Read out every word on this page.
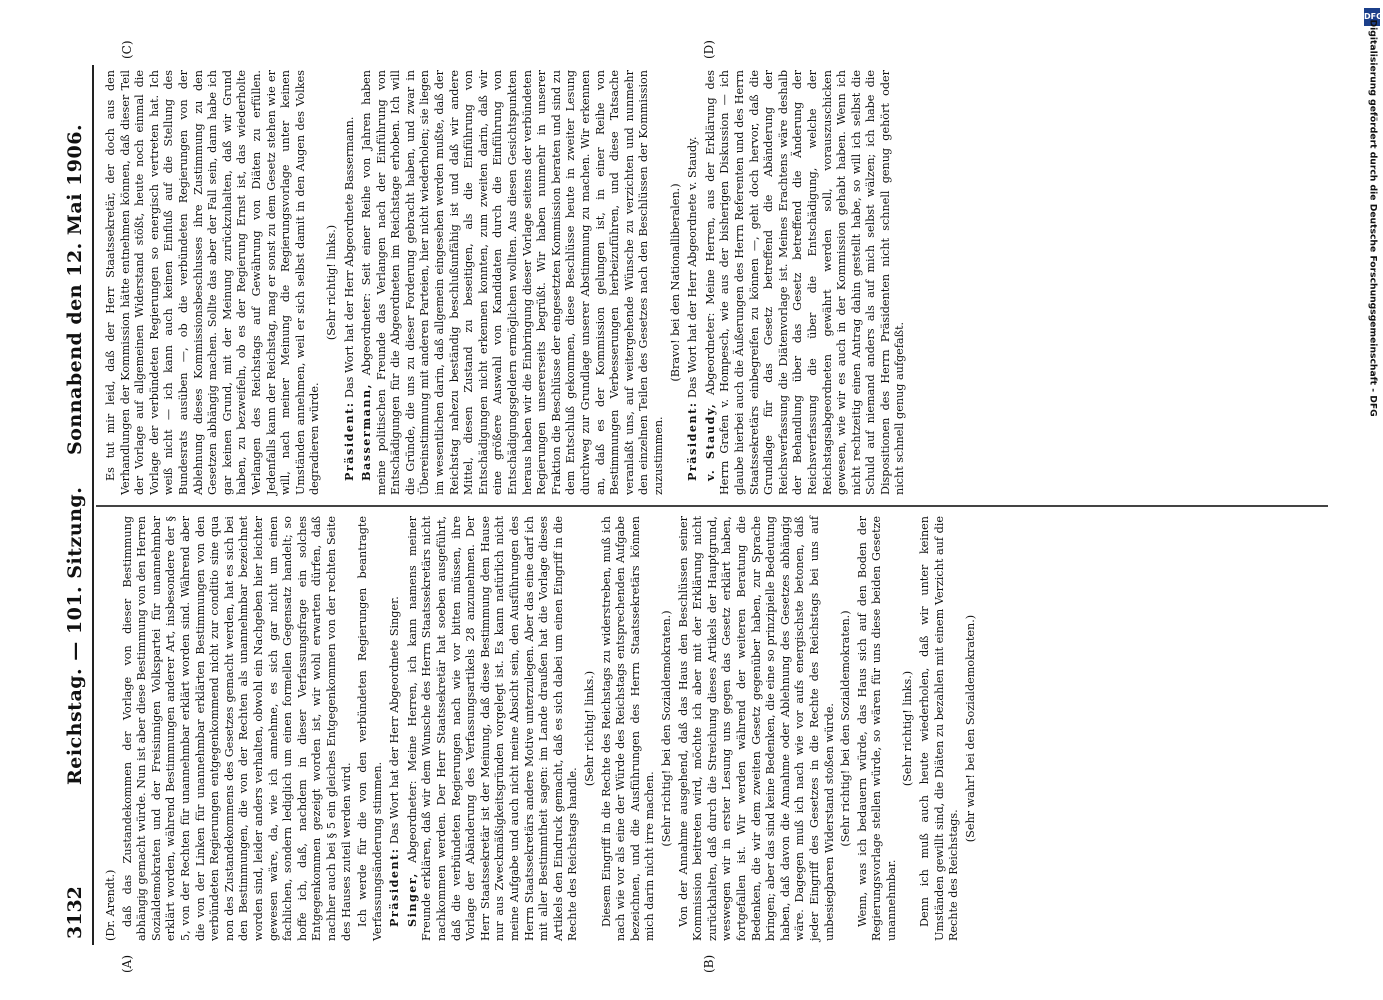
3132
Reichstag. — 101. Sitzung.
Sonnabend den 12. Mai 1906.
(A)	(B)
(C)	(D)

(Dr. Arendt.) daß das Zustandekommen der Vorlage von dieser Bestimmung abhängig gemacht würde. Nun ist aber diese Bestimmung von den Herren Sozialdemokraten und der Freisinnigen Volkspartei für unannehmbar erklärt worden, während Bestimmungen anderer Art, insbesondere der § 5, von der Rechten für unannehmbar erklärt worden sind. Während aber die von der Linken für unannehmbar erklärten Bestimmungen von den verbündeten Regierungen entgegenkommend nicht zur conditio sine qua non des Zustandekommens des Gesetzes gemacht werden, hat es sich bei den Bestimmungen, die von der Rechten als unannehmbar bezeichnet worden sind, leider anders verhalten, obwohl ein Nachgeben hier leichter gewesen wäre, da, wie ich annehme, es sich gar nicht um einen fachlichen, sondern lediglich um einen formellen Gegensatz handelt; so hoffe ich, daß, nachdem in dieser Verfassungsfrage ein solches Entgegenkommen gezeigt worden ist, wir wohl erwarten dürfen, daß nachher auch bei § 5 ein gleiches Entgegenkommen von der rechten Seite des Hauses zuteil werden wird. Ich werde für die von den verbündeten Regierungen beantragte Verfassungsänderung stimmen. Präsident: Das Wort hat der Herr Abgeordnete Singer.

Singer, Abgeordneter: Meine Herren, ich kann namens meiner Freunde erklären, daß wir dem Wunsche des Herrn Staatssekretärs nicht nachkommen werden. Der Herr Staatssekretär hat soeben ausgeführt, daß die verbündeten Regierungen nach wie vor bitten müssen, ihre Vorlage der Abänderung des Verfassungsartikels 28 anzunehmen. Der Herr Staatssekretär ist der Meinung, daß diese Bestimmung dem Hause nur aus Zweckmäßigkeitsgründen vorgelegt ist. Es kann natürlich nicht meine Aufgabe und auch nicht meine Absicht sein, den Ausführungen des Herrn Staatssekretärs andere Motive unterzulegen. Aber das eine darf ich mit aller Bestimmtheit sagen: im Lande draußen hat die Vorlage dieses Artikels den Eindruck gemacht, daß es sich dabei um einen Eingriff in die Rechte des Reichstags handle.

(Sehr richtig! links.) Diesem Eingriff in die Rechte des Reichstags zu widerstreben, muß ich nach wie vor als eine der Würde des Reichstags entsprechenden Aufgabe bezeichnen, und die Ausführungen des Herrn Staatssekretärs können mich darin nicht irre machen.

(Sehr richtig! bei den Sozialdemokraten.) Von der Annahme ausgehend, daß das Haus den Beschlüssen seiner Kommission beitreten wird, möchte ich aber mit der Erklärung nicht zurückhalten, daß durch die Streichung dieses Artikels der Hauptgrund, weswegen wir in erster Lesung uns gegen das Gesetz erklärt haben, fortgefallen ist. Wir werden während der weiteren Beratung die Bedenken, die wir dem zweiten Gesetz gegenüber haben, zur Sprache bringen; aber das sind keine Bedenken, die eine so prinzipielle Bedeutung haben, daß davon die Annahme oder Ablehnung des Gesetzes abhängig wäre. Dagegen muß ich nach wie vor aufs energischste betonen, daß jeder Eingriff des Gesetzes in die Rechte des Reichstags bei uns auf unbesiegbaren Widerstand stoßen würde. (Sehr richtig! bei den Sozialdemokraten.) Wenn, was ich bedauern würde, das Haus sich auf den Boden der Regierungsvorlage stellen würde, so wären für uns diese beiden Gesetze unannehmbar.

(Sehr richtig! links.) Denn ich muß auch heute wiederholen, daß wir unter keinen Umständen gewillt sind, die Diäten zu bezahlen mit einem Verzicht auf die Rechte des Reichstags.

(Sehr wahr! bei den Sozialdemokraten.)

Es tut mir leid, daß der Herr Staatssekretär, der doch aus den Verhandlungen der Kommission hätte entnehmen können, daß dieser Teil der Vorlage auf allgemeinen Widerstand stößt, heute noch einmal die Vorlage der verbündeten Regierungen so energisch vertreten hat. Ich weiß nicht — ich kann auch keinen Einfluß auf die Stellung des Bundesrats ausüben —, ob die verbündeten Regierungen von der Ablehnung dieses Kommissionsbeschlusses ihre Zustimmung zu den Gesetzen abhängig machen. Sollte das aber der Fall sein, dann habe ich gar keinen Grund, mit der Meinung zurückzuhalten, daß wir Grund haben, zu bezweifeln, ob es der Regierung Ernst ist, das wiederholte Verlangen des Reichstags auf Gewährung von Diäten zu erfüllen. Jedenfalls kann der Reichstag, mag er sonst zu dem Gesetz stehen wie er will, nach meiner Meinung die Regierungsvorlage unter keinen Umständen annehmen, weil er sich selbst damit in den Augen des Volkes degradieren würde.

(Sehr richtig! links.)

Präsident: Das Wort hat der Herr Abgeordnete Bassermann.

Bassermann, Abgeordneter: Seit einer Reihe von Jahren haben meine politischen Freunde das Verlangen nach der Einführung von Entschädigungen für die Abgeordneten im Reichstage erhoben. Ich will die Gründe, die uns zu dieser Forderung gebracht haben, und zwar in Übereinstimmung mit anderen Parteien, hier nicht wiederholen; sie liegen im wesentlichen darin, daß allgemein eingesehen werden mußte, daß der Reichstag nahezu beständig beschlußunfähig ist und daß wir andere Mittel, diesen Zustand zu beseitigen, als die Einführung von Entschädigungen nicht erkennen konnten, zum zweiten darin, daß wir eine größere Auswahl von Kandidaten durch die Einführung von Entschädigungsgeldern ermöglichen wollten. Aus diesen Gesichtspunkten heraus haben wir die Einbringung dieser Vorlage seitens der verbündeten Regierungen unsererseits begrüßt. Wir haben nunmehr in unserer Fraktion die Beschlüsse der eingesetzten Kommission beraten und sind zu dem Entschluß gekommen, diese Beschlüsse heute in zweiter Lesung durchweg zur Grundlage unserer Abstimmung zu machen. Wir erkennen an, daß es der Kommission gelungen ist, in einer Reihe von Bestimmungen Verbesserungen herbeizuführen, und diese Tatsache veranlaßt uns, auf weitergehende Wünsche zu verzichten und nunmehr den einzelnen Teilen des Gesetzes nach den Beschlüssen der Kommission zuzustimmen.

(Bravo! bei den Nationalliberalen.)

Präsident: Das Wort hat der Herr Abgeordnete v. Staudy.

v. Staudy, Abgeordneter: Meine Herren, aus der Erklärung des Herrn Grafen v. Hompesch, wie aus der bisherigen Diskussion — ich glaube hierbei auch die Äußerungen des Herrn Referenten und des Herrn Staatssekretärs einbegreifen zu können —, geht doch hervor, daß die Grundlage für das Gesetz betreffend die Abänderung der Reichsverfassung die Diätenvorlage ist. Meines Erachtens wäre deshalb der Behandlung über das Gesetz betreffend die Änderung der Reichsverfassung die über die Entschädigung, welche der Reichstagsabgeordneten gewährt werden soll, vorauszuschicken gewesen, wie wir es auch in der Kommission gehabt haben. Wenn ich nicht rechtzeitig einen Antrag dahin gestellt habe, so will ich selbst die Schuld auf niemand anders als auf mich selbst wälzen; ich habe die Dispositionen des Herrn Präsidenten nicht schnell genug gehört oder nicht schnell genug aufgefaßt.

DFG
Digitalisierung gefördert durch die Deutsche Forschungsgemeinschaft - DFG
